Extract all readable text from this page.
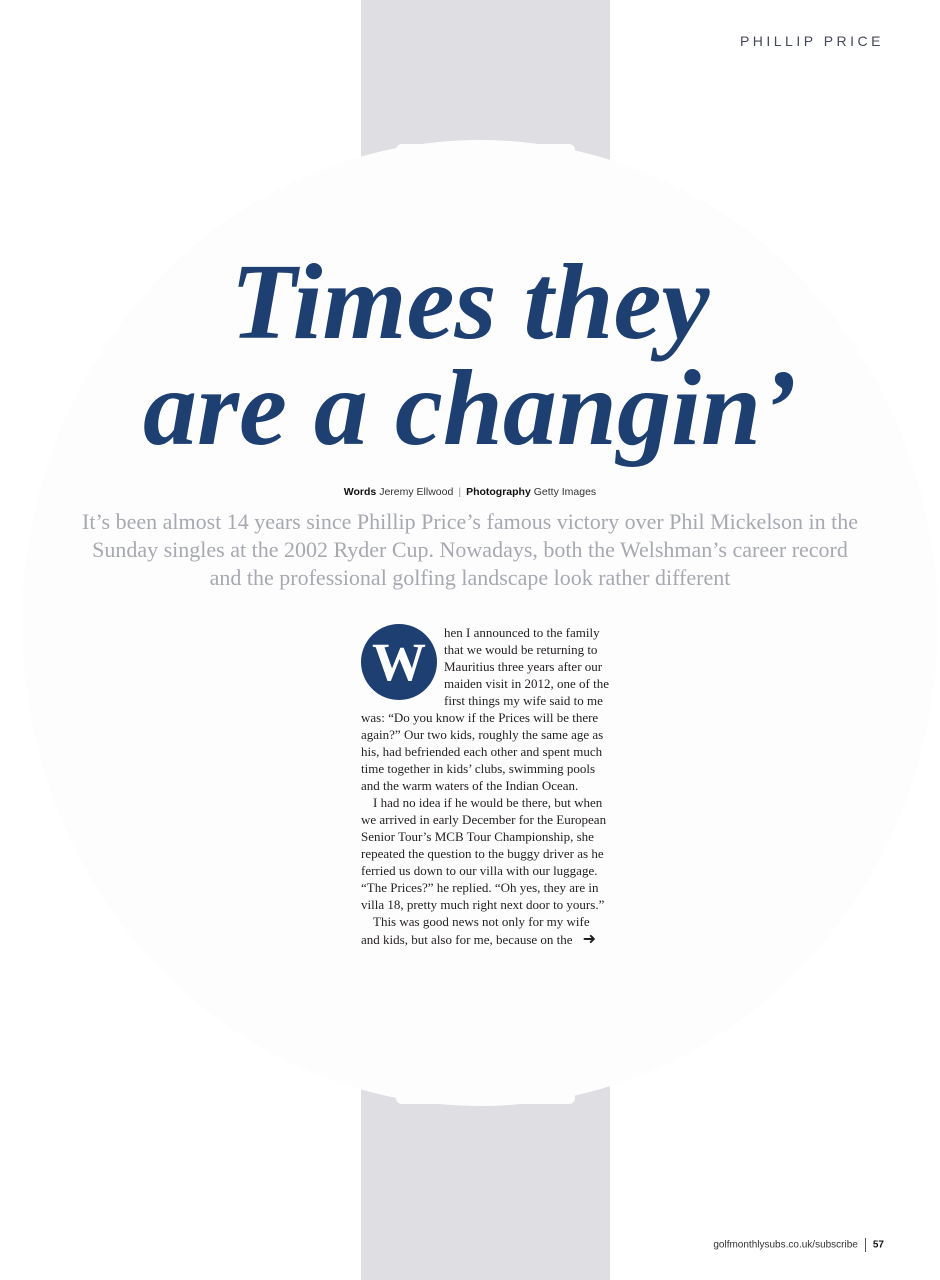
PHILLIP PRICE
Times they
are a changin’
Words Jeremy Ellwood | Photography Getty Images

It’s been almost 14 years since Phillip Price’s famous victory over Phil Mickelson in the Sunday singles at the 2002 Ryder Cup. Nowadays, both the Welshman’s career record and the professional golfing landscape look rather different

W	hen I announced to the family that we would be returning to Mauritius three years after our maiden visit in 2012, one of the first things my wife said to me was: “Do you know if the Prices will be there again?” Our two kids, roughly the same age as his, had befriended each other and spent much time together in kids’ clubs, swimming pools and the warm waters of the Indian Ocean.

I had no idea if he would be there, but when we arrived in early December for the European Senior Tour’s MCB Tour Championship, she repeated the question to the buggy driver as he ferried us down to our villa with our luggage. “The Prices?” he replied. “Oh yes, they are in villa 18, pretty much right next door to yours.”

This was good news not only for my wife and kids, but also for me, because on the ➜

golfmonthlysubs.co.uk/subscribe 57
